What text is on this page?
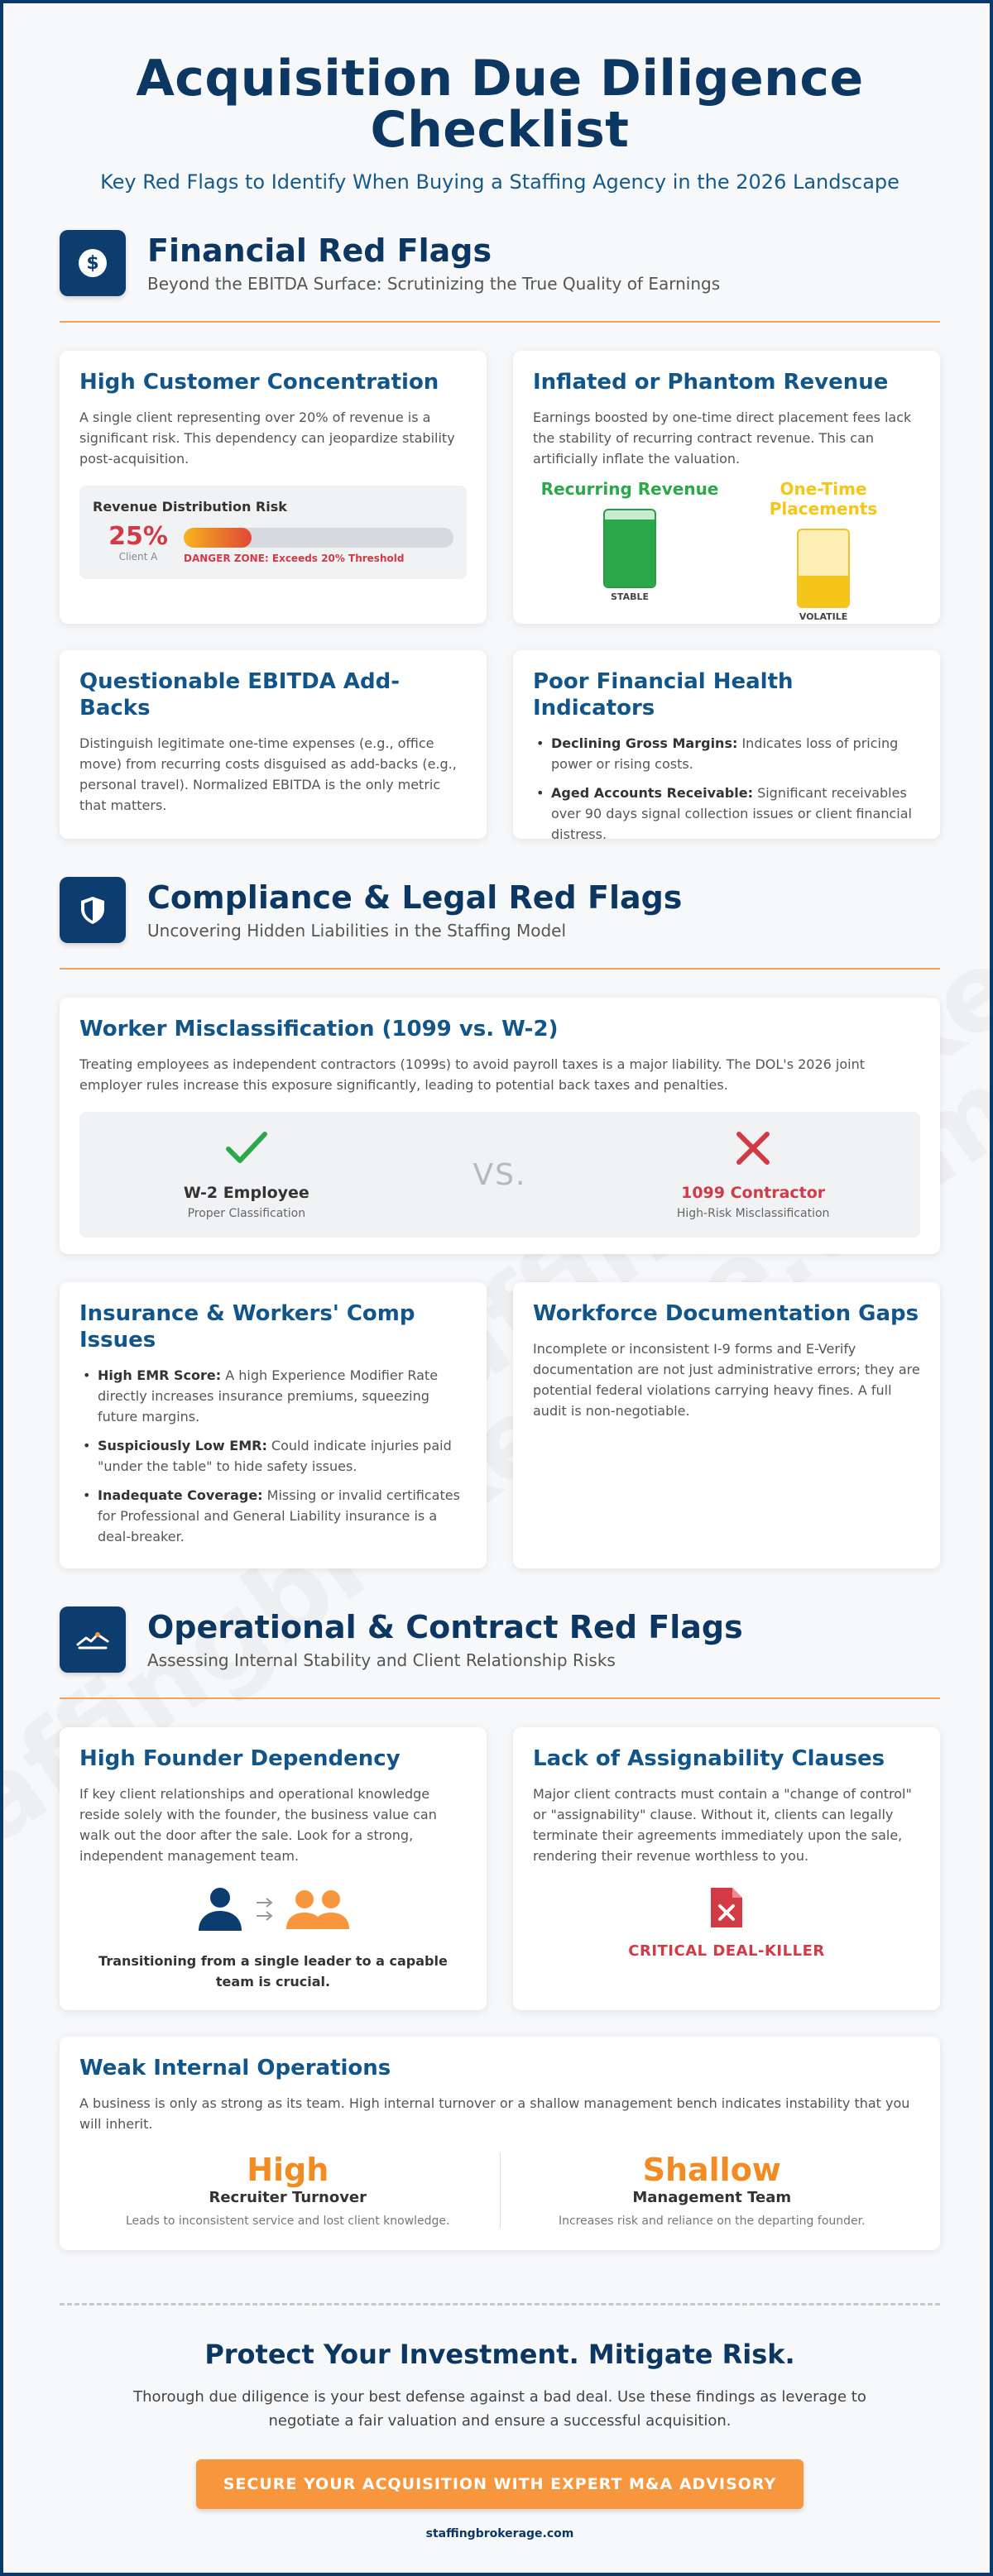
Acquisition Due Diligence Checklist
Key Red Flags to Identify When Buying a Staffing Agency in the 2026 Landscape
$ Financial Red Flags
Beyond the EBITDA Surface: Scrutinizing the True Quality of Earnings
High Customer Concentration
A single client representing over 20% of revenue is a significant risk. This dependency can jeopardize stability post-acquisition.
Revenue Distribution Risk
25%
Client A	DANGER ZONE: Exceeds 20% Threshold
Inflated or Phantom Revenue
Earnings boosted by one-time direct placement fees lack the stability of recurring contract revenue. This can artificially inflate the valuation.
Recurring Revenue
STABLE
One-Time Placements
VOLATILE
Questionable EBITDA Add-Backs
Distinguish legitimate one-time expenses (e.g., office move) from recurring costs disguised as add-backs (e.g., personal travel). Normalized EBITDA is the only metric that matters.
Poor Financial Health Indicators
• Declining Gross Margins: Indicates loss of pricing power or rising costs.
• Aged Accounts Receivable: Significant receivables over 90 days signal collection issues or client financial distress.
Compliance & Legal Red Flags
Uncovering Hidden Liabilities in the Staffing Model
Worker Misclassification (1099 vs. W-2)
Treating employees as independent contractors (1099s) to avoid payroll taxes is a major liability. The DOL's 2026 joint employer rules increase this exposure significantly, leading to potential back taxes and penalties.
W-2 Employee
Proper Classification
VS.
1099 Contractor
High-Risk Misclassification
Insurance & Workers' Comp Issues
• High EMR Score: A high Experience Modifier Rate directly increases insurance premiums, squeezing future margins.
• Suspiciously Low EMR: Could indicate injuries paid "under the table" to hide safety issues.
• Inadequate Coverage: Missing or invalid certificates for Professional and General Liability insurance is a deal-breaker.
Workforce Documentation Gaps
Incomplete or inconsistent I-9 forms and E-Verify documentation are not just administrative errors; they are potential federal violations carrying heavy fines. A full audit is non-negotiable.
Operational & Contract Red Flags
Assessing Internal Stability and Client Relationship Risks
High Founder Dependency
If key client relationships and operational knowledge reside solely with the founder, the business value can walk out the door after the sale. Look for a strong, independent management team.
Transitioning from a single leader to a capable team is crucial.
Lack of Assignability Clauses
Major client contracts must contain a "change of control" or "assignability" clause. Without it, clients can legally terminate their agreements immediately upon the sale, rendering their revenue worthless to you.
CRITICAL DEAL-KILLER
Weak Internal Operations
A business is only as strong as its team. High internal turnover or a shallow management bench indicates instability that you will inherit.
High
Recruiter Turnover
Leads to inconsistent service and lost client knowledge.
Shallow
Management Team
Increases risk and reliance on the departing founder.
Protect Your Investment. Mitigate Risk.
Thorough due diligence is your best defense against a bad deal. Use these findings as leverage to negotiate a fair valuation and ensure a successful acquisition.
SECURE YOUR ACQUISITION WITH EXPERT M&A ADVISORY
staffingbrokerage.com
